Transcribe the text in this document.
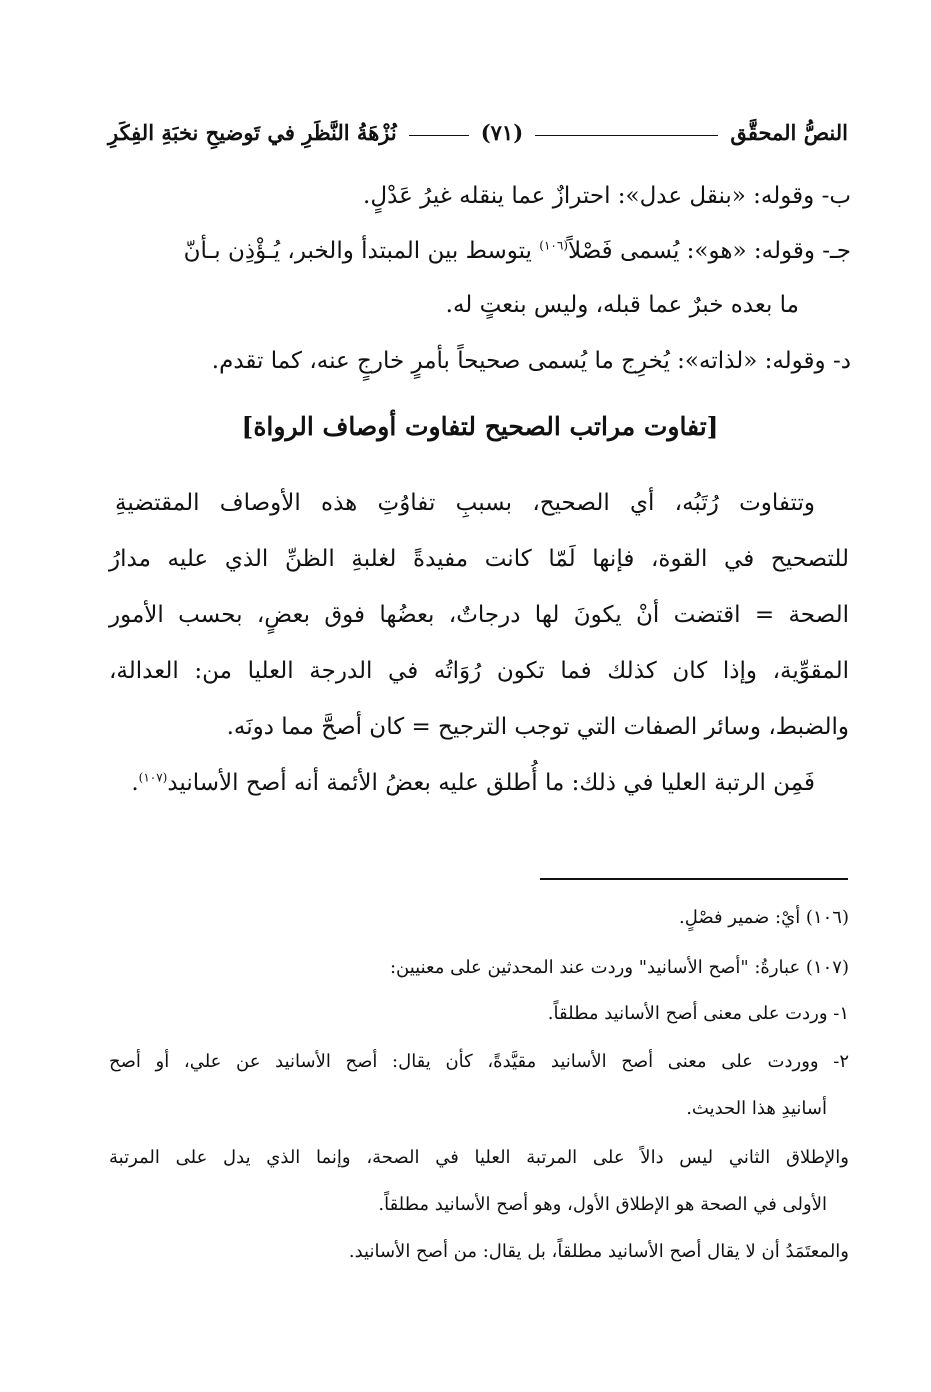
النصُّ المحقَّق
(٧١)
نُزْهَةُ النَّظَرِ في تَوضيحِ نخبَةِ الفِكَرِ
ب- وقوله: «بنقل عدل»: احترازٌ عما ينقله غيرُ عَدْلٍ.
جـ- وقوله: «هو»: يُسمى فَصْلاً$^{(١٠٦)}$ يتوسط بين المبتدأ والخبر، يُـؤْذِن بـأنّ
ما بعده خبرٌ عما قبله، وليس بنعتٍ له.
د- وقوله: «لذاته»: يُخرِج ما يُسمى صحيحاً بأمرٍ خارجٍ عنه، كما تقدم.
[تفاوت مراتب الصحيح لتفاوت أوصاف الرواة]
وتتفاوت رُتَبُه، أي الصحيح، بسببِ تفاوُتِ هذه الأوصاف المقتضيةِ
للتصحيح في القوة، فإنها لَمّا كانت مفيدةً لغلبةِ الظنِّ الذي عليه مدارُ
الصحة = اقتضت أنْ يكونَ لها درجاتٌ، بعضُها فوق بعضٍ، بحسب الأمور
المقوِّية، وإذا كان كذلك فما تكون رُوَاتُه في الدرجة العليا من: العدالة،
والضبط، وسائر الصفات التي توجب الترجيح = كان أصحَّ مما دونَه.
فَمِن الرتبة العليا في ذلك: ما أُطلق عليه بعضُ الأئمة أنه أصح الأسانيد$^{(١٠٧)}$.
(١٠٦) أيْ: ضمير فصْلٍ.
(١٠٧) عبارةُ: "أصح الأسانيد" وردت عند المحدثين على معنيين:
١- وردت على معنى أصح الأسانيد مطلقاً.
٢- ووردت على معنى أصح الأسانيد مقيَّدةً، كأن يقال: أصح الأسانيد عن علي، أو أصح
أسانيدِ هذا الحديث.
والإطلاق الثاني ليس دالاً على المرتبة العليا في الصحة، وإنما الذي يدل على المرتبة
الأولى في الصحة هو الإطلاق الأول، وهو أصح الأسانيد مطلقاً.
والمعتَمَدُ أن لا يقال أصح الأسانيد مطلقاً، بل يقال: من أصح الأسانيد.
